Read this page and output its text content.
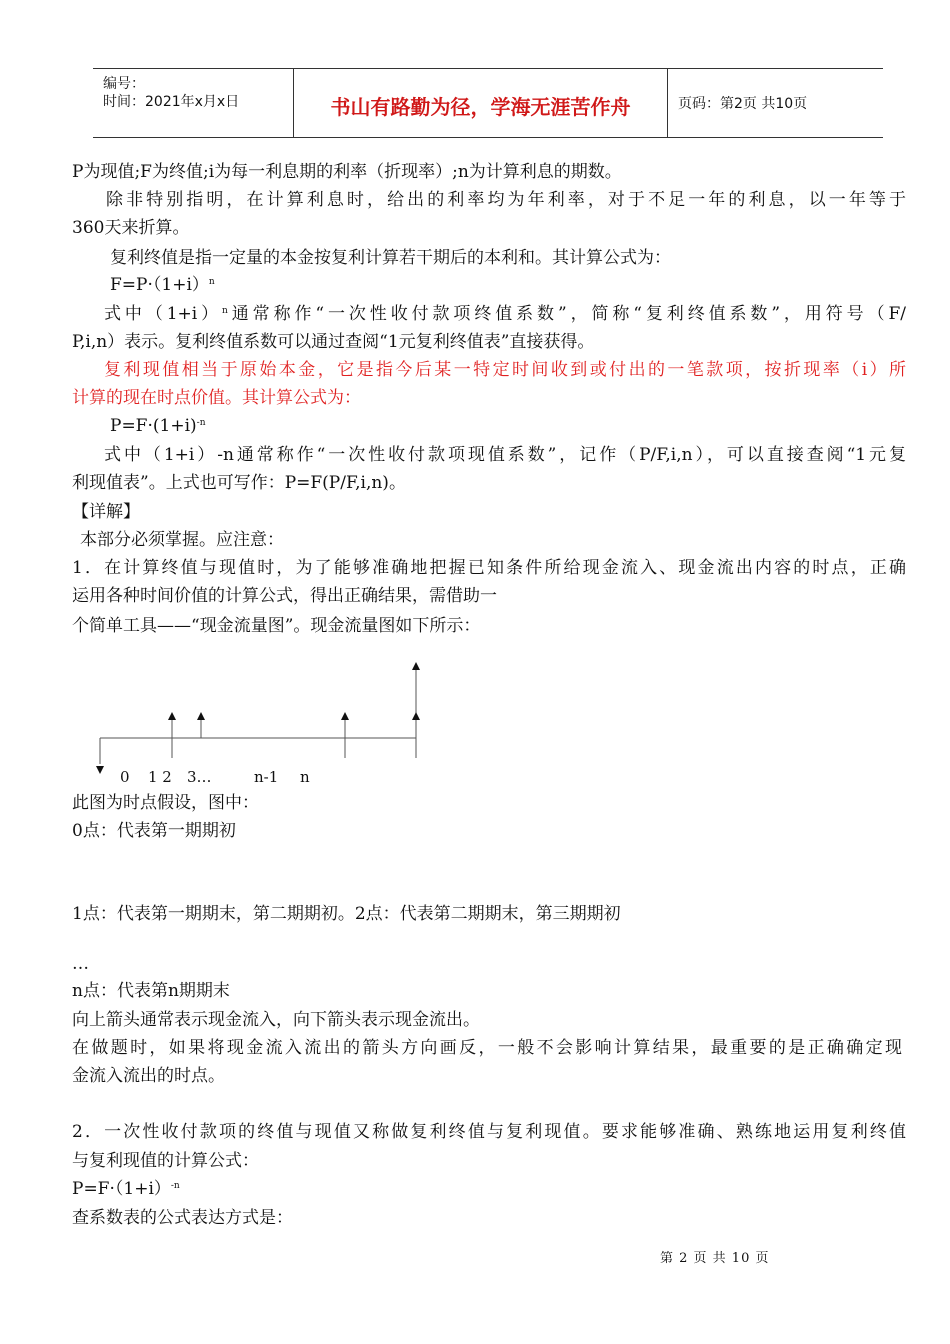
编号：
时间：2021年x月x日	书山有路勤为径，学海无涯苦作舟	页码：第2页 共10页
P为现值;F为终值;i为每一利息期的利率（折现率）;n为计算利息的期数。
除非特别指明，在计算利息时，给出的利率均为年利率，对于不足一年的利息，以一年等于
360天来折算。
复利终值是指一定量的本金按复利计算若干期后的本利和。其计算公式为：
$F=P\cdot(1+i)^n$
式中$(1+i)^n$通常称作“一次性收付款项终值系数”，简称“复利终值系数”，用符号（F/
P,i,n）表示。复利终值系数可以通过查阅“1元复利终值表”直接获得。
复利现值相当于原始本金，它是指今后某一特定时间收到或付出的一笔款项，按折现率（i）所
计算的现在时点价值。其计算公式为：
$P=F\cdot(1+i)^{-n}$
式中（1+i）-n通常称作“一次性收付款项现值系数”，记作（P/F,i,n），可以直接查阅“1元复
利现值表”。上式也可写作：P=F(P/F,i,n)。
【详解】
本部分必须掌握。应注意：
1．在计算终值与现值时，为了能够准确地把握已知条件所给现金流入、现金流出内容的时点，正确
运用各种时间价值的计算公式，得出正确结果，需借助一
个简单工具——“现金流量图”。现金流量图如下所示：
0 1 2 3…	n-1 n
此图为时点假设，图中：
0点：代表第一期期初
1点：代表第一期期末，第二期期初。2点：代表第二期期末，第三期期初
…
n点：代表第n期期末
向上箭头通常表示现金流入，向下箭头表示现金流出。
在做题时，如果将现金流入流出的箭头方向画反，一般不会影响计算结果，最重要的是正确确定现
金流入流出的时点。
2．一次性收付款项的终值与现值又称做复利终值与复利现值。要求能够准确、熟练地运用复利终值
与复利现值的计算公式：
$P=F\cdot(1+i)^{-n}$
查系数表的公式表达方式是：
第 2 页 共 10 页
